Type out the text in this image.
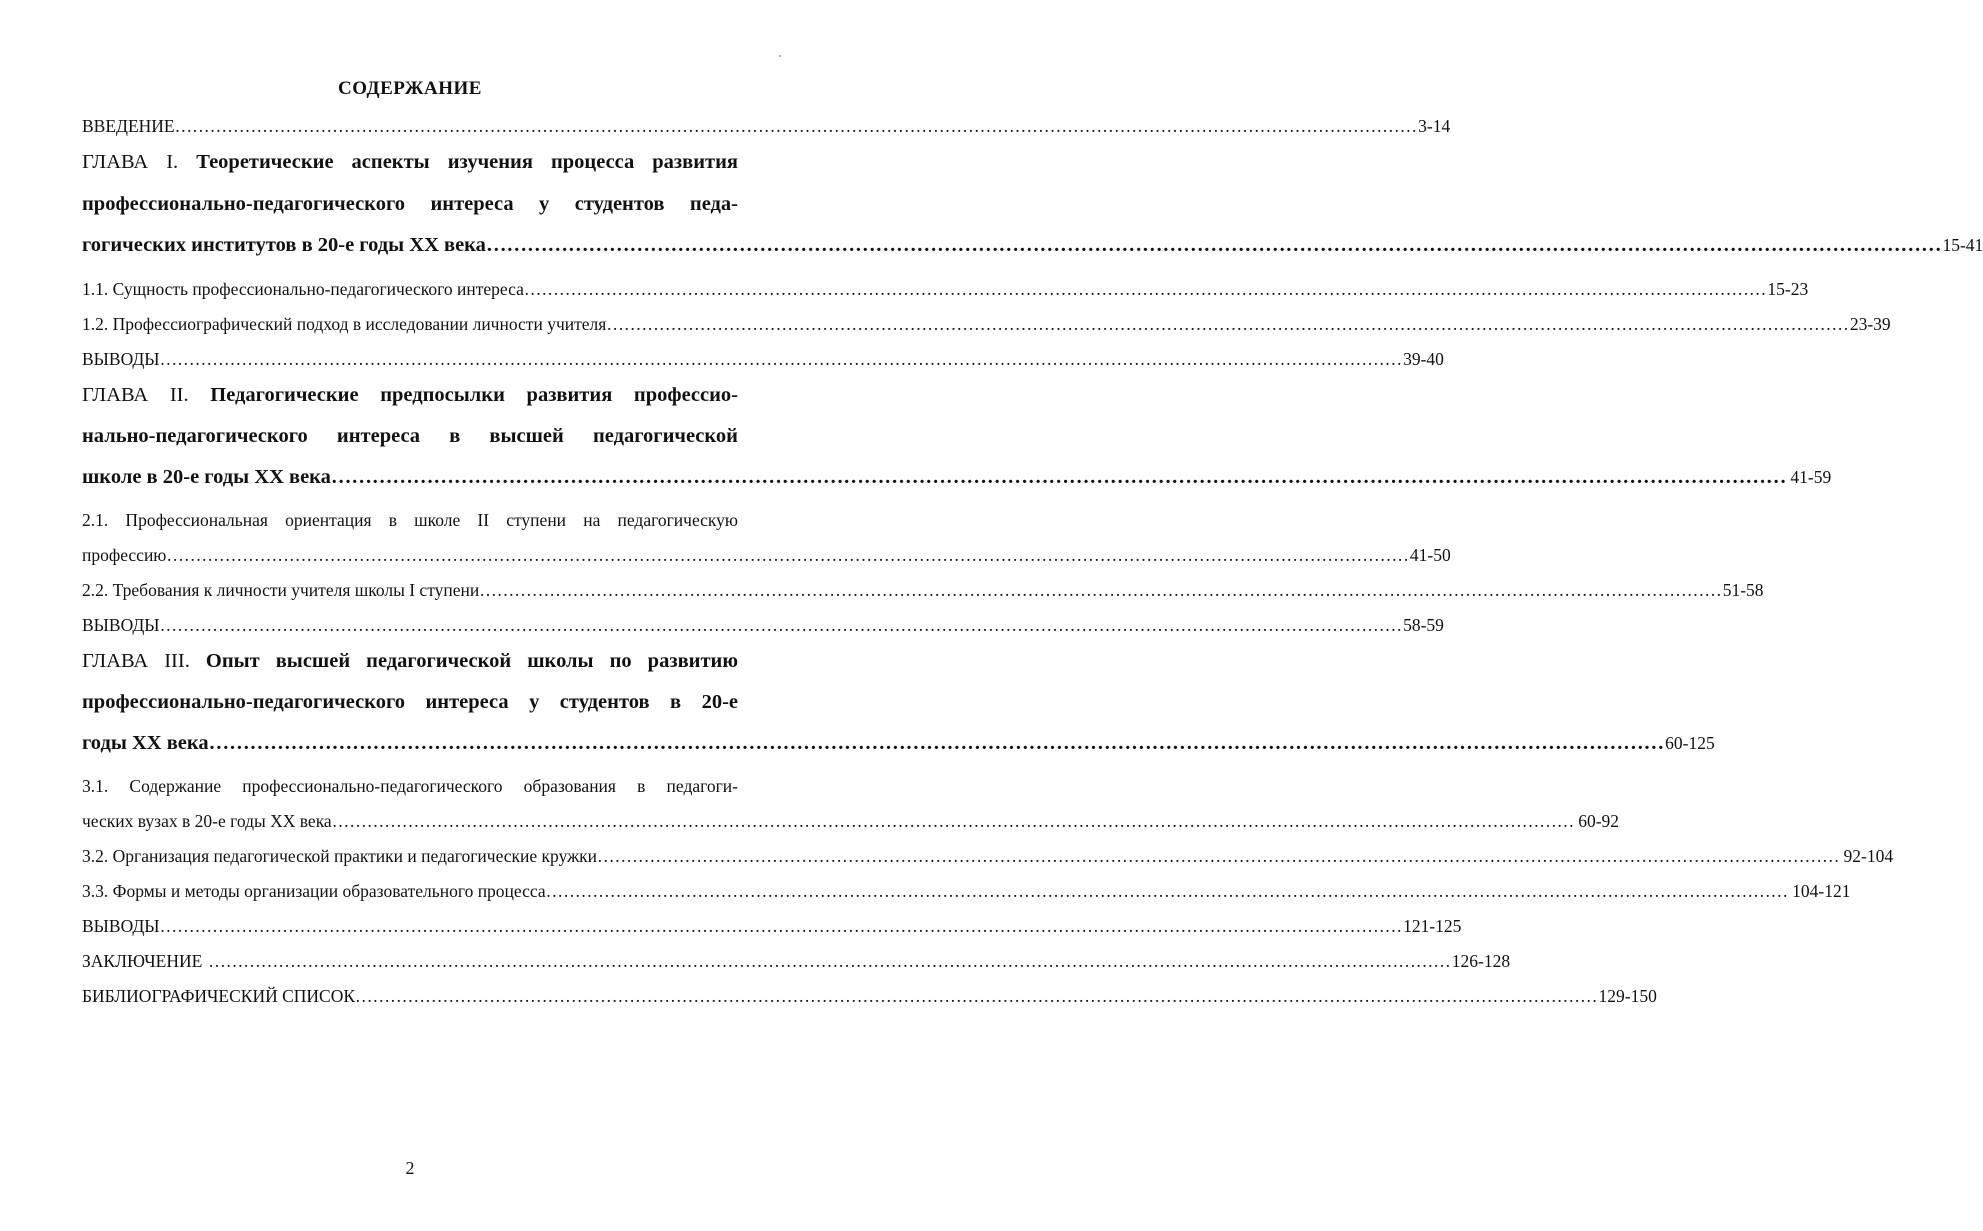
СОДЕРЖАНИЕ
ВВЕДЕНИЕ ……………………………………………………………………………………………………………………………………………………………………………………………	3-14
ГЛАВА I. Теоретические аспекты изучения процесса развития
профессионально-педагогического интереса у студентов педа-
гогических институтов в 20-е годы XX века ……………………………………………………………………………………………………………………………………………………………………………………………	15-41
1.1. Сущность профессионально-педагогического интереса ……………………………………………………………………………………………………………………………………………………………………………………………	15-23
1.2. Профессиографический подход в исследовании личности учителя ……………………………………………………………………………………………………………………………………………………………………………………………	23-39
ВЫВОДЫ ……………………………………………………………………………………………………………………………………………………………………………………………	39-40
ГЛАВА II. Педагогические предпосылки развития профессио-
нально-педагогического интереса в высшей педагогической
школе в 20-е годы XX века ……………………………………………………………………………………………………………………………………………………………………………………………	41-59
2.1. Профессиональная ориентация в школе II ступени на педагогическую
профессию ……………………………………………………………………………………………………………………………………………………………………………………………	41-50
2.2. Требования к личности учителя школы I ступени ……………………………………………………………………………………………………………………………………………………………………………………………	51-58
ВЫВОДЫ ……………………………………………………………………………………………………………………………………………………………………………………………	58-59
ГЛАВА III. Опыт высшей педагогической школы по развитию
профессионально-педагогического интереса у студентов в 20-е
годы XX века ……………………………………………………………………………………………………………………………………………………………………………………………	60-125
3.1. Содержание профессионально-педагогического образования в педагоги-
ческих вузах в 20-е годы XX века ……………………………………………………………………………………………………………………………………………………………………………………………	60-92
3.2. Организация педагогической практики и педагогические кружки ……………………………………………………………………………………………………………………………………………………………………………………………	92-104
3.3. Формы и методы организации образовательного процесса ……………………………………………………………………………………………………………………………………………………………………………………………	104-121
ВЫВОДЫ ……………………………………………………………………………………………………………………………………………………………………………………………	121-125
ЗАКЛЮЧЕНИЕ ……………………………………………………………………………………………………………………………………………………………………………………………	126-128
БИБЛИОГРАФИЧЕСКИЙ СПИСОК ……………………………………………………………………………………………………………………………………………………………………………………………	129-150
2
